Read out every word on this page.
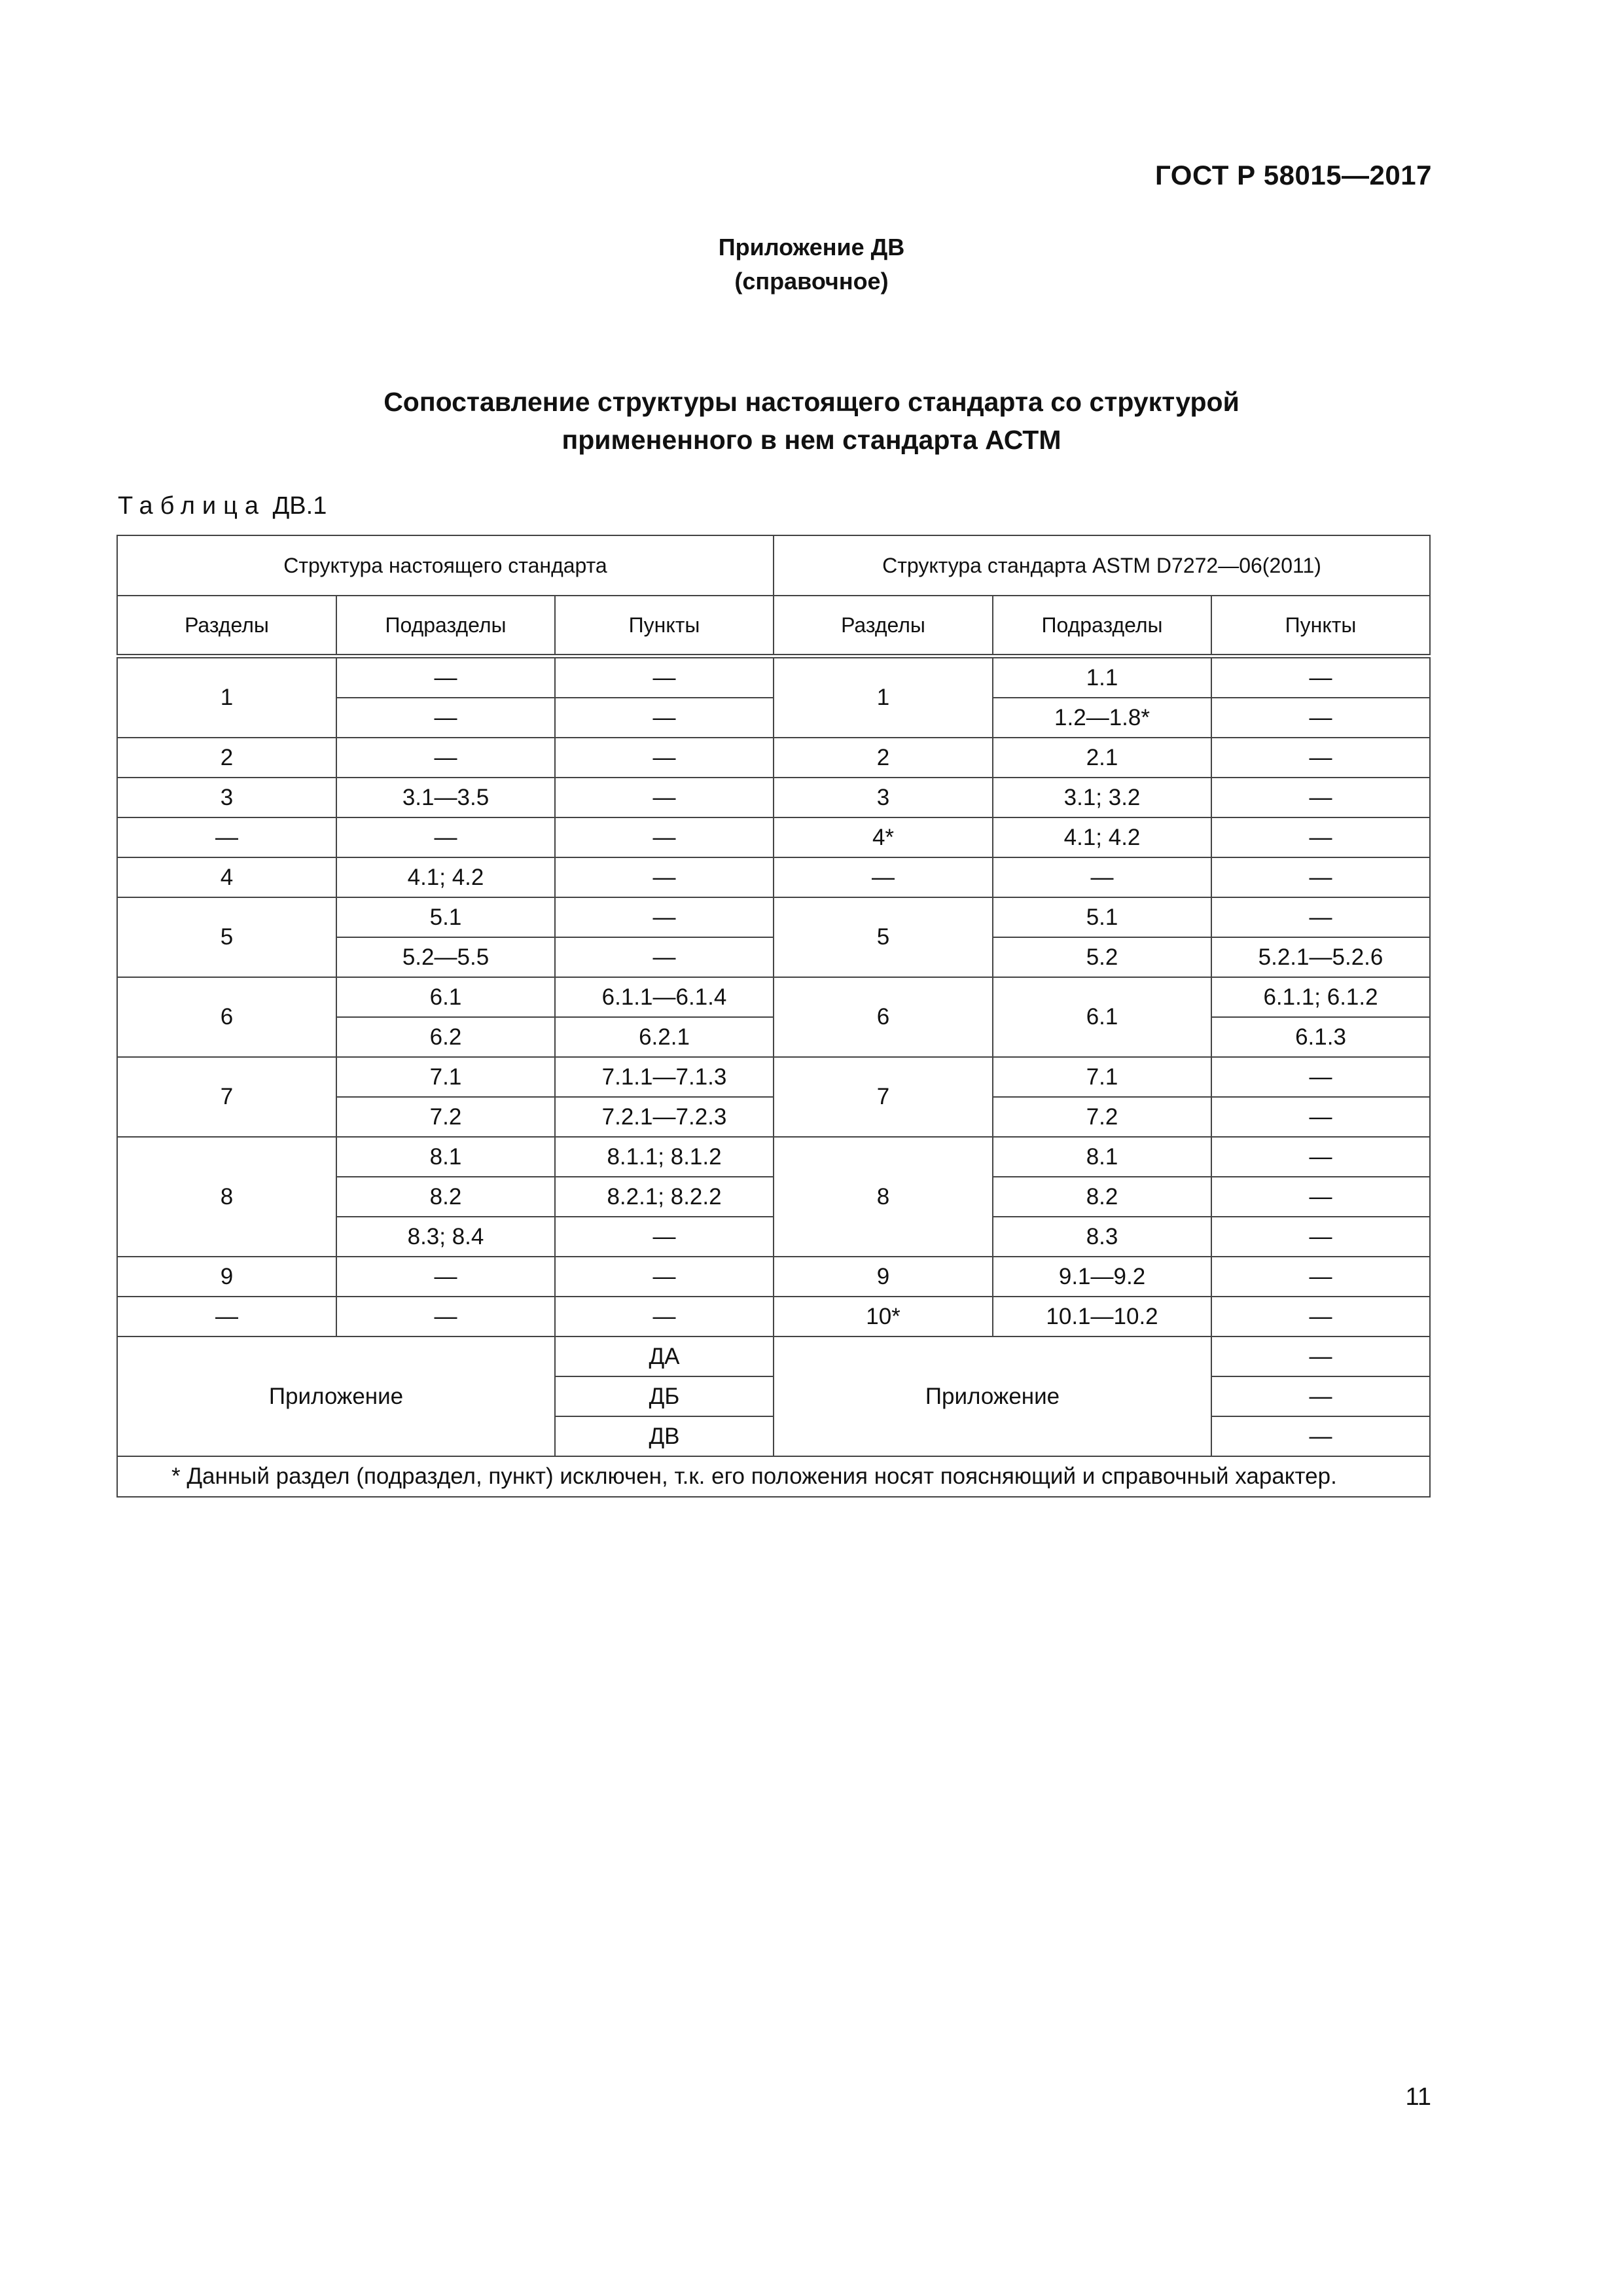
ГОСТ Р 58015—2017
Приложение ДВ
(справочное)
Сопоставление структуры настоящего стандарта со структурой
примененного в нем стандарта АСТМ
Таблица ДВ.1
Структура настоящего стандарта			Структура стандарта ASTM D7272—06(2011)		
Разделы	Подразделы	Пункты	Разделы	Подразделы	Пункты
1	—	—	1	1.1	—
	—	—		1.2—1.8*	—
2	—	—	2	2.1	—
3	3.1—3.5	—	3	3.1; 3.2	—
—	—	—	4*	4.1; 4.2	—
4	4.1; 4.2	—	—	—	—
5	5.1	—	5	5.1	—
	5.2—5.5	—		5.2	5.2.1—5.2.6
6	6.1	6.1.1—6.1.4	6	6.1	6.1.1; 6.1.2
	6.2	6.2.1			6.1.3
7	7.1	7.1.1—7.1.3	7	7.1	—
	7.2	7.2.1—7.2.3		7.2	—
8	8.1	8.1.1; 8.1.2	8	8.1	—
	8.2	8.2.1; 8.2.2		8.2	—
	8.3; 8.4	—		8.3	—
9	—	—	9	9.1—9.2	—
—	—	—	10*	10.1—10.2	—
Приложение		ДА	Приложение		—
		ДБ			—
		ДВ			—
* Данный раздел (подраздел, пункт) исключен, т.к. его положения носят поясняющий и справочный характер.					
11
